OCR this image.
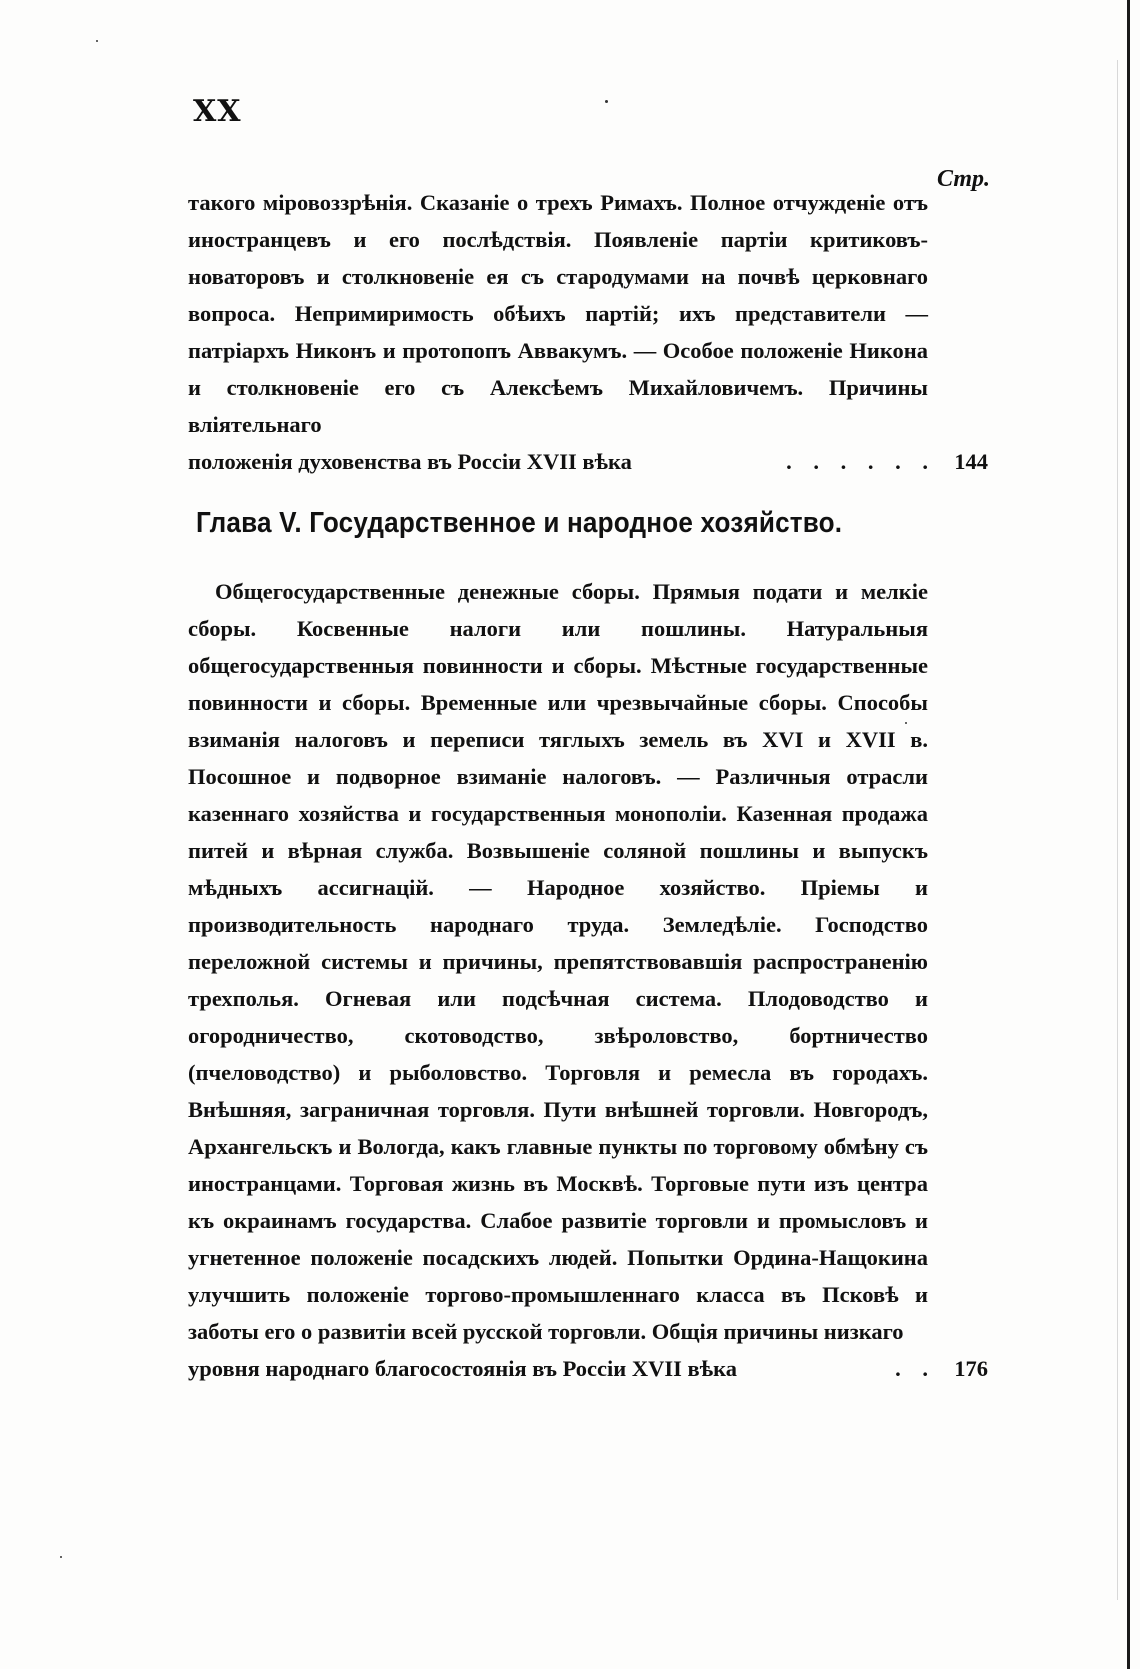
XX
Стр.
такого міровоззрѣнія. Сказаніе о трехъ Римахъ. Полное отчужденіе отъ иностранцевъ и его послѣдствія. Появленіе партіи критиковъ-новаторовъ и столкновеніе ея съ стародумами на почвѣ церковнаго вопроса. Непримиримость обѣихъ партій; ихъ представители — патріархъ Никонъ и протопопъ Аввакумъ. — Особое положеніе Никона и столкновеніе его съ Алексѣемъ Михайловичемъ. Причины вліятельнаго
положенія духовенства въ Россіи XVII вѣка	. . . . . . 144
Глава V. Государственное и народное хозяйство.
Общегосударственные денежные сборы. Прямыя подати и мелкіе сборы. Косвенные налоги или пошлины. Натуральныя общегосударственныя повинности и сборы. Мѣстные государственные повинности и сборы. Временные или чрезвычайные сборы. Способы взиманія налоговъ и переписи тяглыхъ земель въ XVI и XVII в. Посошное и подворное взиманіе налоговъ. — Различныя отрасли казеннаго хозяйства и государственныя монополіи. Казенная продажа питей и вѣрная служба. Возвышеніе соляной пошлины и выпускъ мѣдныхъ ассигнацій. — Народное хозяйство. Пріемы и производительность народнаго труда. Земледѣліе. Господство переложной системы и причины, препятствовавшія распространенію трехполья. Огневая или подсѣчная система. Плодоводство и огородничество, скотоводство, звѣроловство, бортничество (пчеловодство) и рыболовство. Торговля и ремесла въ городахъ. Внѣшняя, заграничная торговля. Пути внѣшней торговли. Новгородъ, Архангельскъ и Вологда, какъ главные пункты по торговому обмѣну съ иностранцами. Торговая жизнь въ Москвѣ. Торговые пути изъ центра къ окраинамъ государства. Слабое развитіе торговли и промысловъ и угнетенное положеніе посадскихъ людей. Попытки Ордина-Нащокина улучшить положеніе торгово-промышленнаго класса въ Псковѣ и заботы его о развитіи всей русской торговли. Общія причины низкаго
уровня народнаго благосостоянія въ Россіи XVII вѣка	. . 176
